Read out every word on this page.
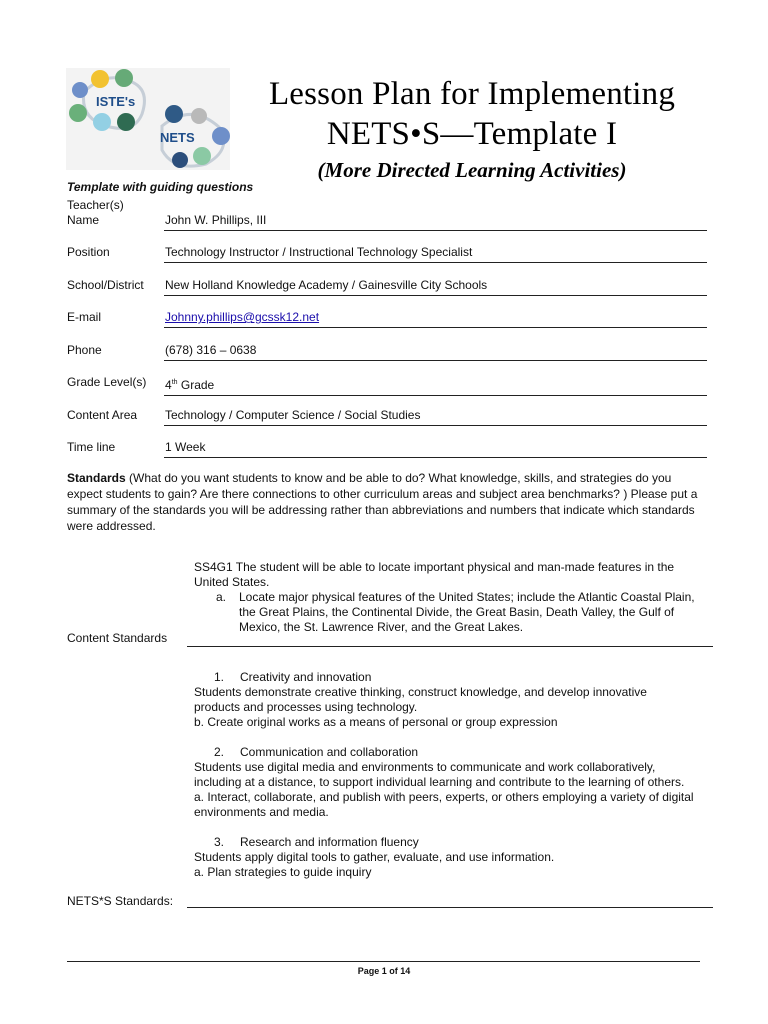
ISTE's
NETS
Lesson Plan for Implementing
NETS•S—Template I
(More Directed Learning Activities)
Template with guiding questions
Teacher(s)
Name	John W. Phillips, III
Position	Technology Instructor / Instructional Technology Specialist
School/District New Holland Knowledge Academy / Gainesville City Schools
E-mail	Johnny.phillips@gcssk12.net
Phone	(678) 316 – 0638
Grade Level(s) 4th Grade
Content Area Technology / Computer Science / Social Studies
Time line	1 Week
Standards (What do you want students to know and be able to do? What knowledge, skills, and strategies do you expect students to gain? Are there connections to other curriculum areas and subject area benchmarks? ) Please put a summary of the standards you will be addressing rather than abbreviations and numbers that indicate which standards were addressed.
SS4G1 The student will be able to locate important physical and man-made features in the United States.
a. Locate major physical features of the United States; include the Atlantic Coastal Plain, the Great Plains, the Continental Divide, the Great Basin, Death Valley, the Gulf of Mexico, the St. Lawrence River, and the Great Lakes.
Content Standards
1. Creativity and innovation
Students demonstrate creative thinking, construct knowledge, and develop innovative products and processes using technology.
b. Create original works as a means of personal or group expression
2. Communication and collaboration
Students use digital media and environments to communicate and work collaboratively, including at a distance, to support individual learning and contribute to the learning of others.
a. Interact, collaborate, and publish with peers, experts, or others employing a variety of digital environments and media.
3. Research and information fluency
Students apply digital tools to gather, evaluate, and use information.
a. Plan strategies to guide inquiry
NETS*S Standards:
Page 1 of 14
